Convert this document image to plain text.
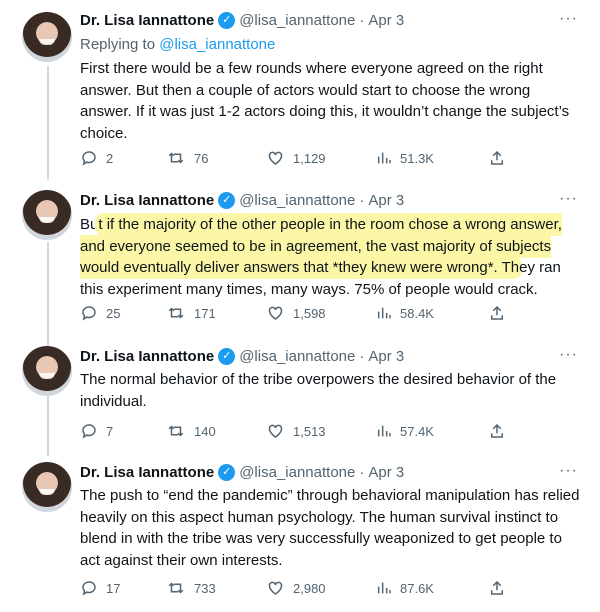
Dr. Lisa Iannattone ✓ @lisa_iannattone · Apr 3	···
Replying to @lisa_iannattone
First there would be a few rounds where everyone agreed on the right answer. But then a couple of actors would start to choose the wrong answer. If it was just 1-2 actors doing this, it wouldn’t change the subject’s choice.
2	76	1,129	51.3K
Dr. Lisa Iannattone ✓ @lisa_iannattone · Apr 3	···
But if the majority of the other people in the room chose a wrong answer, and everyone seemed to be in agreement, the vast majority of subjects would eventually deliver answers that *they knew were wrong*. They ran this experiment many times, many ways. 75% of people would crack.
25	171	1,598	58.4K
Dr. Lisa Iannattone ✓ @lisa_iannattone · Apr 3	···
The normal behavior of the tribe overpowers the desired behavior of the individual.
7	140	1,513	57.4K
Dr. Lisa Iannattone ✓ @lisa_iannattone · Apr 3	···
The push to “end the pandemic” through behavioral manipulation has relied heavily on this aspect human psychology. The human survival instinct to blend in with the tribe was very successfully weaponized to get people to act against their own interests.
17	733	2,980	87.6K
